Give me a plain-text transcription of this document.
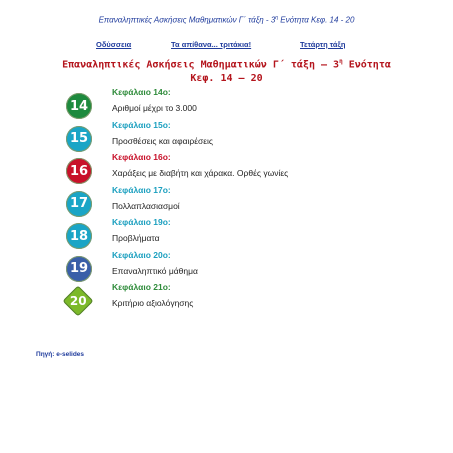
Επαναληπτικές Ασκήσεις Μαθηματικών Γ΄ τάξη - $3^\eta$ Ενότητα Κεφ. 14 - 20
Οδύσσεια	Τα απίθανα... τριτάκια!	Τετάρτη τάξη
Επαναληπτικές Ασκήσεις Μαθηματικών Γ΄ τάξη – $3^\eta$ Ενότητα
Κεφ. 14 – 20
14
Κεφάλαιο 14ο:
Αριθμοί μέχρι το 3.000
15
Κεφάλαιο 15ο:
Προσθέσεις και αφαιρέσεις
16
Κεφάλαιο 16ο:
Χαράξεις με διαβήτη και χάρακα. Ορθές γωνίες
17
Κεφάλαιο 17ο:
Πολλαπλασιασμοί
18
Κεφάλαιο 19ο:
Προβλήματα
19
Κεφάλαιο 20ο:
Επαναληπτικό μάθημα
20
Κεφάλαιο 21ο:
Κριτήριο αξιολόγησης
Πηγή: e-selides
